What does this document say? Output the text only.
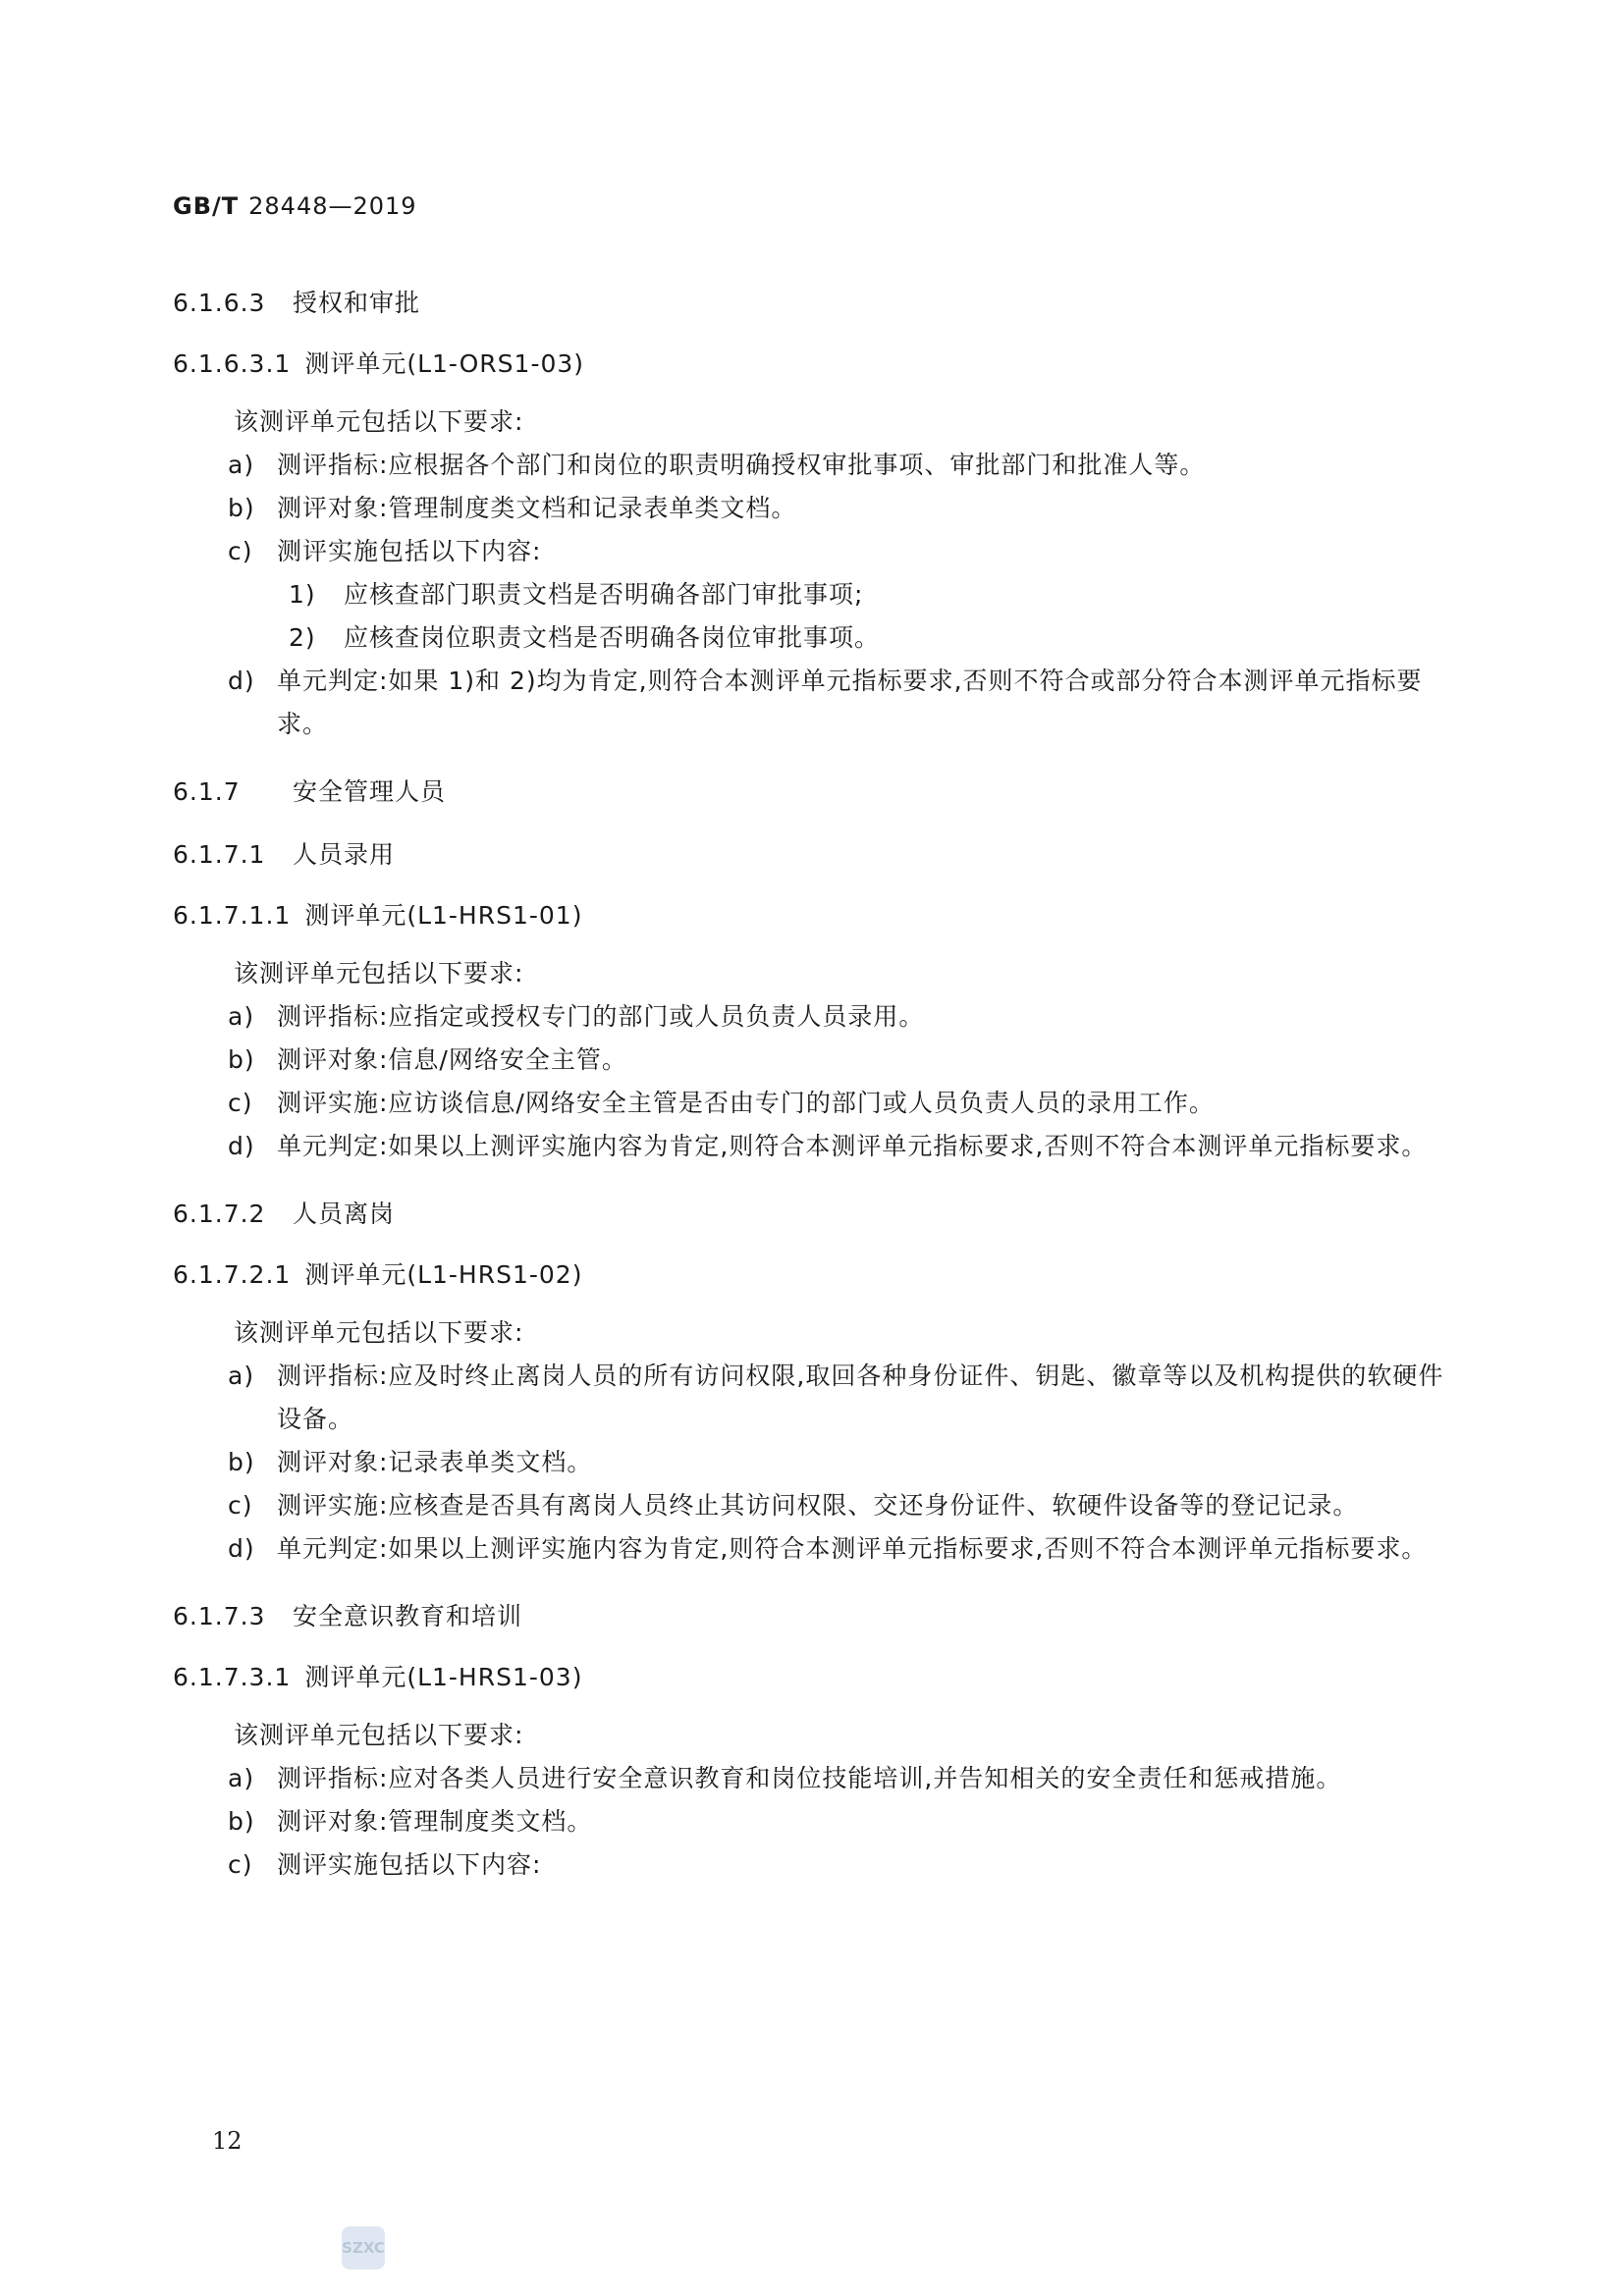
GB/T 28448—2019
6.1.6.3 授权和审批
6.1.6.3.1 测评单元(L1-ORS1-03)
该测评单元包括以下要求:
a) 测评指标:应根据各个部门和岗位的职责明确授权审批事项、审批部门和批准人等。
b) 测评对象:管理制度类文档和记录表单类文档。
c) 测评实施包括以下内容:
1)	应核查部门职责文档是否明确各部门审批事项;
2)	应核查岗位职责文档是否明确各岗位审批事项。
d) 单元判定:如果 1)和 2)均为肯定,则符合本测评单元指标要求,否则不符合或部分符合本测评单元指标要求。
6.1.7 安全管理人员
6.1.7.1 人员录用
6.1.7.1.1 测评单元(L1-HRS1-01)
该测评单元包括以下要求:
a) 测评指标:应指定或授权专门的部门或人员负责人员录用。
b) 测评对象:信息/网络安全主管。
c) 测评实施:应访谈信息/网络安全主管是否由专门的部门或人员负责人员的录用工作。
d) 单元判定:如果以上测评实施内容为肯定,则符合本测评单元指标要求,否则不符合本测评单元指标要求。
6.1.7.2 人员离岗
6.1.7.2.1 测评单元(L1-HRS1-02)
该测评单元包括以下要求:
a) 测评指标:应及时终止离岗人员的所有访问权限,取回各种身份证件、钥匙、徽章等以及机构提供的软硬件设备。
b) 测评对象:记录表单类文档。
c) 测评实施:应核查是否具有离岗人员终止其访问权限、交还身份证件、软硬件设备等的登记记录。
d) 单元判定:如果以上测评实施内容为肯定,则符合本测评单元指标要求,否则不符合本测评单元指标要求。
6.1.7.3 安全意识教育和培训
6.1.7.3.1 测评单元(L1-HRS1-03)
该测评单元包括以下要求:
a) 测评指标:应对各类人员进行安全意识教育和岗位技能培训,并告知相关的安全责任和惩戒措施。
b) 测评对象:管理制度类文档。
c) 测评实施包括以下内容:
12
SZXC
